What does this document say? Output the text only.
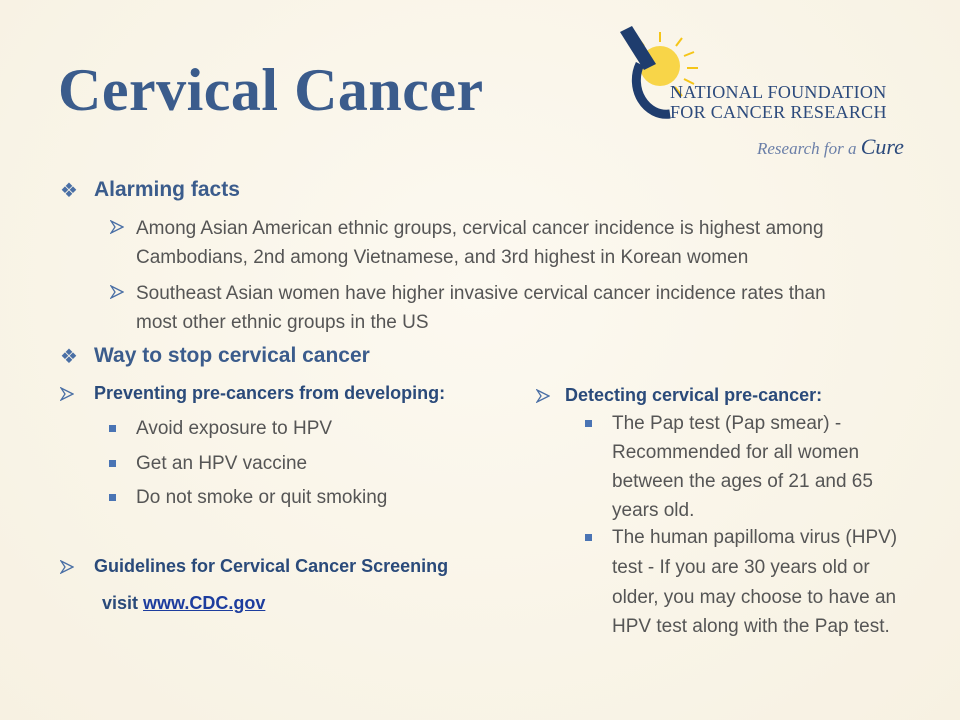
Cervical Cancer	NATIONAL FOUNDATION
FOR CANCER RESEARCH
Research for a Cure
❖ Alarming facts
Among Asian American ethnic groups, cervical cancer incidence is highest among
Cambodians, 2nd among Vietnamese, and 3rd highest in Korean women
Southeast Asian women have higher invasive cervical cancer incidence rates than
most other ethnic groups in the US
❖ Way to stop cervical cancer
Preventing pre-cancers from developing:
Avoid exposure to HPV
Get an HPV vaccine
Do not smoke or quit smoking
Guidelines for Cervical Cancer Screening
visit www.CDC.gov
Detecting cervical pre-cancer:
The Pap test (Pap smear) -
Recommended for all women
between the ages of 21 and 65
years old.
The human papilloma virus (HPV)
test - If you are 30 years old or
older, you may choose to have an
HPV test along with the Pap test.
